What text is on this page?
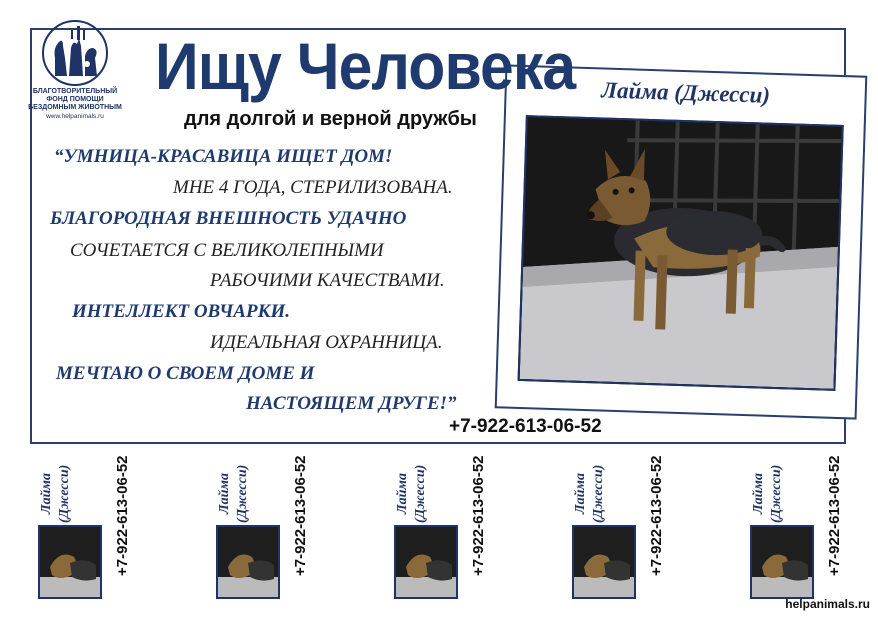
БЛАГОТВОРИТЕЛЬНЫЙ
ФОНД ПОМОЩИ
БЕЗДОМНЫМ ЖИВОТНЫМ
www.helpanimals.ru
Лайма (Джесси)
Ищу Человека
для долгой и верной дружбы
“УМНИЦА-КРАСАВИЦА ИЩЕТ ДОМ!
МНЕ 4 ГОДА, СТЕРИЛИЗОВАНА.
БЛАГОРОДНАЯ ВНЕШНОСТЬ УДАЧНО
СОЧЕТАЕТСЯ С ВЕЛИКОЛЕПНЫМИ
РАБОЧИМИ КАЧЕСТВАМИ.
ИНТЕЛЛЕКТ ОВЧАРКИ.
ИДЕАЛЬНАЯ ОХРАННИЦА.
МЕЧТАЮ О СВОЕМ ДОМЕ И
НАСТОЯЩЕМ ДРУГЕ!”
+7-922-613-06-52
Лайма (Джесси)	+7-922-613-06-52	Лайма (Джесси)	+7-922-613-06-52	Лайма (Джесси)	+7-922-613-06-52	Лайма (Джесси)	+7-922-613-06-52	Лайма (Джесси)	+7-922-613-06-52
helpanimals.ru
